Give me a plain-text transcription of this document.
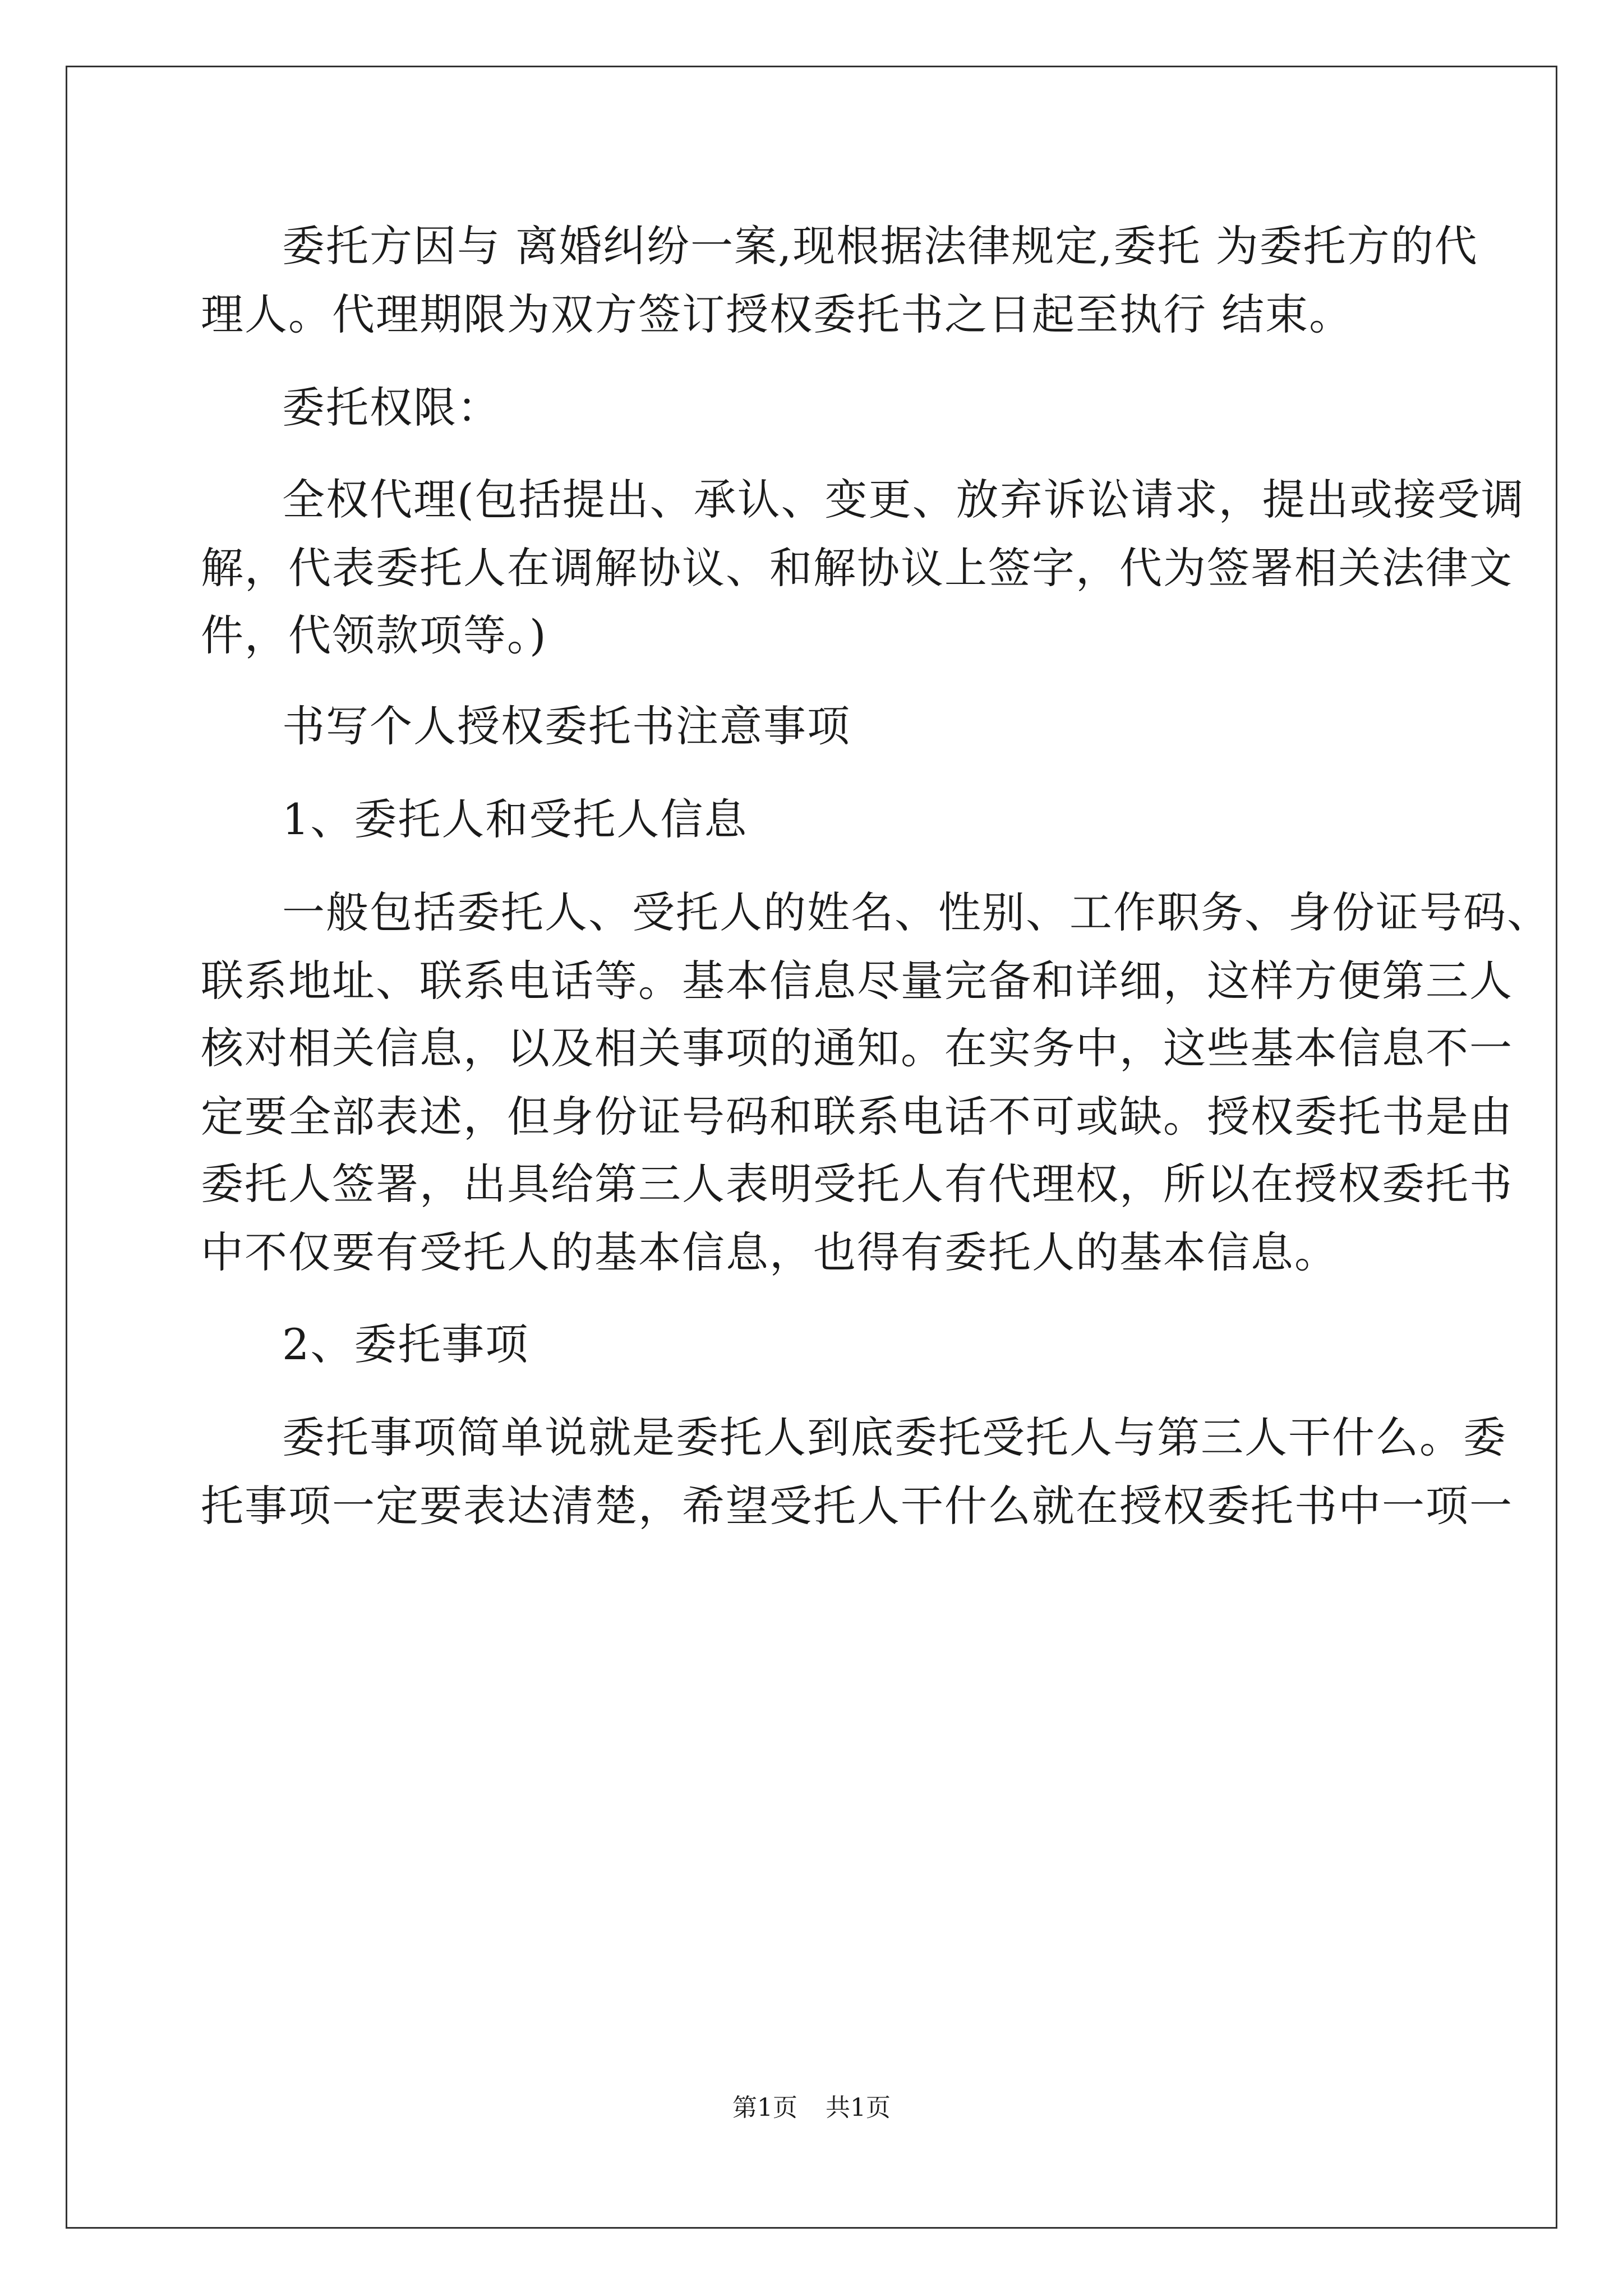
委托方因与 离婚纠纷一案,现根据法律规定,委托 为委托方的代
理人。代理期限为双方签订授权委托书之日起至执行 结束。
委托权限：
全权代理(包括提出、承认、变更、放弃诉讼请求，提出或接受调
解，代表委托人在调解协议、和解协议上签字，代为签署相关法律文
件，代领款项等。)
书写个人授权委托书注意事项
1、委托人和受托人信息
一般包括委托人、受托人的姓名、性别、工作职务、身份证号码、
联系地址、联系电话等。基本信息尽量完备和详细，这样方便第三人
核对相关信息，以及相关事项的通知。在实务中，这些基本信息不一
定要全部表述，但身份证号码和联系电话不可或缺。授权委托书是由
委托人签署，出具给第三人表明受托人有代理权，所以在授权委托书
中不仅要有受托人的基本信息，也得有委托人的基本信息。
2、委托事项
委托事项简单说就是委托人到底委托受托人与第三人干什么。委
托事项一定要表达清楚，希望受托人干什么就在授权委托书中一项一
第1页 共1页
